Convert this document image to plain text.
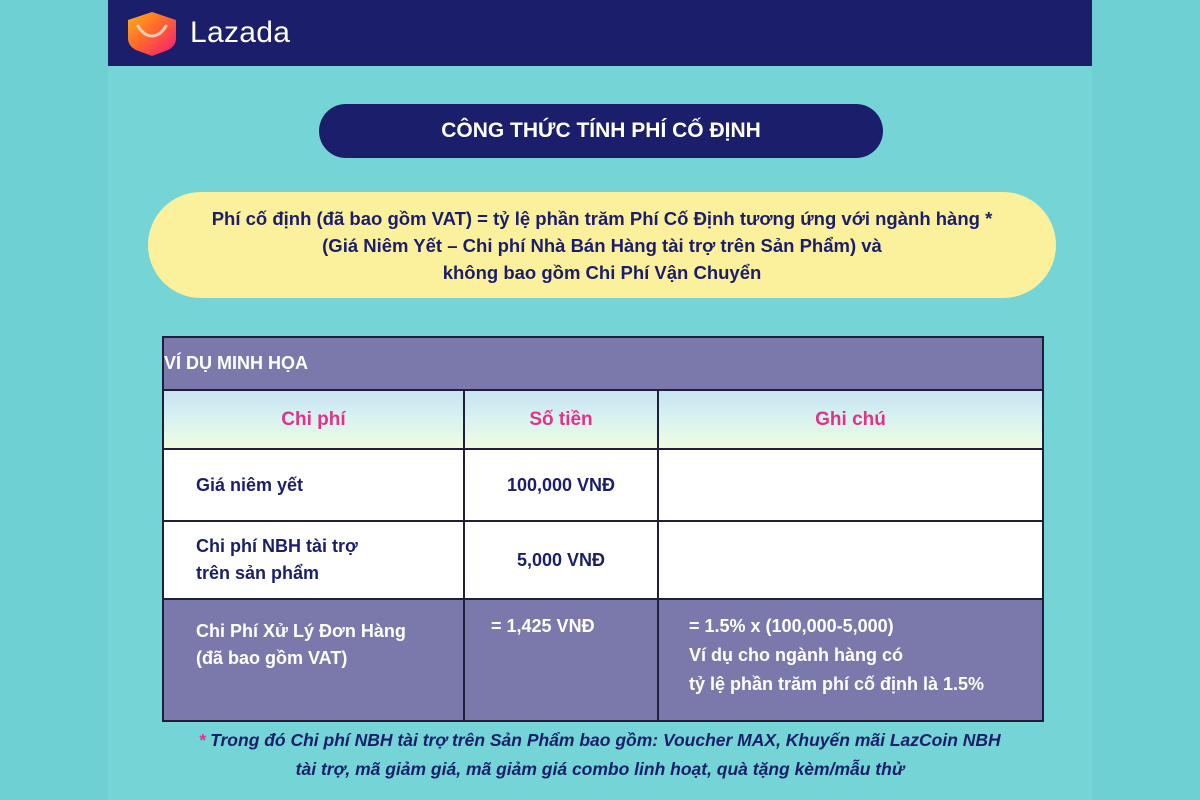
Lazada
CÔNG THỨC TÍNH PHÍ CỐ ĐỊNH
Phí cố định (đã bao gồm VAT) = tỷ lệ phần trăm Phí Cố Định tương ứng với ngành hàng *
(Giá Niêm Yết – Chi phí Nhà Bán Hàng tài trợ trên Sản Phẩm) và
không bao gồm Chi Phí Vận Chuyển
VÍ DỤ MINH HỌA		
Chi phí	Số tiền	Ghi chú

Giá niêm yết	100,000 VNĐ	

Chi phí NBH tài trợ
trên sản phẩm	5,000 VNĐ	

Chi Phí Xử Lý Đơn Hàng
(đã bao gồm VAT)	= 1,425 VNĐ	= 1.5% x (100,000-5,000)
Ví dụ cho ngành hàng có
tỷ lệ phần trăm phí cố định là 1.5%
* Trong đó Chi phí NBH tài trợ trên Sản Phẩm bao gồm: Voucher MAX, Khuyến mãi LazCoin NBH
tài trợ, mã giảm giá, mã giảm giá combo linh hoạt, quà tặng kèm/mẫu thử
